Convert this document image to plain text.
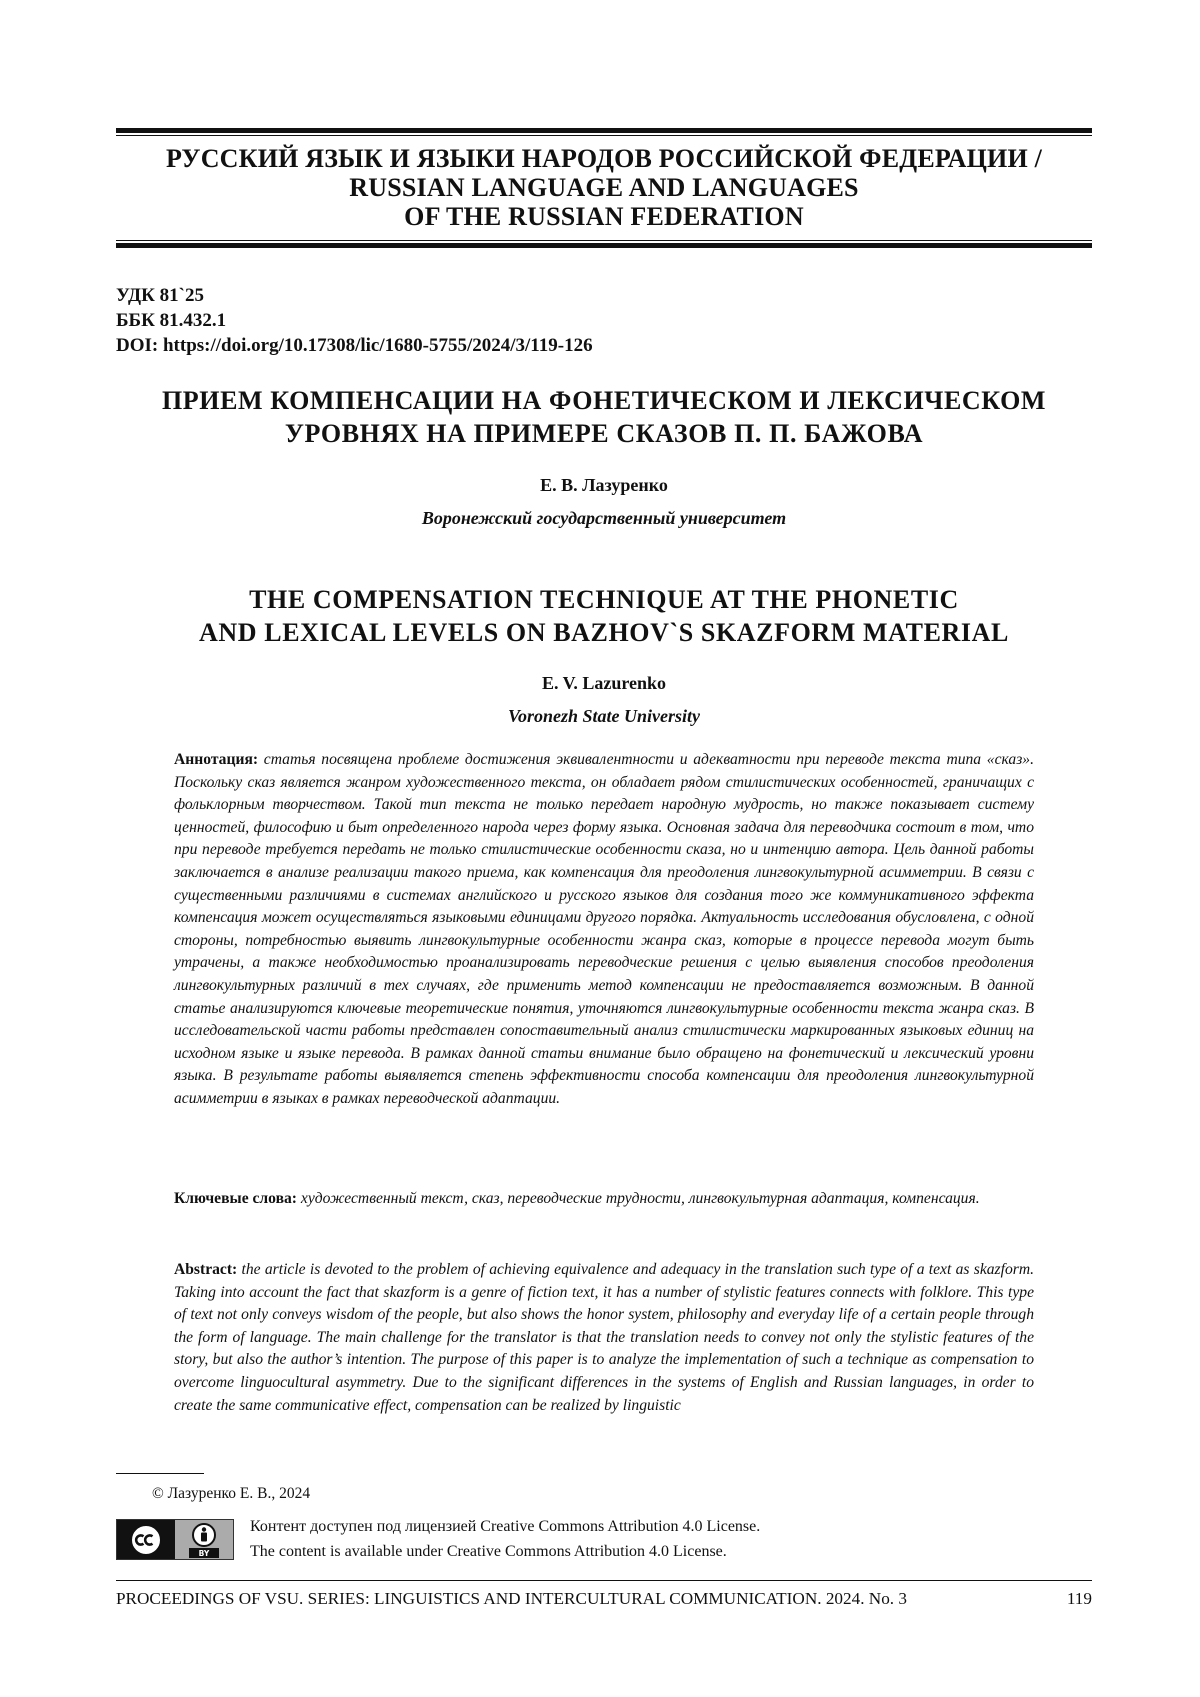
РУССКИЙ ЯЗЫК И ЯЗЫКИ НАРОДОВ РОССИЙСКОЙ ФЕДЕРАЦИИ /
RUSSIAN LANGUAGE AND LANGUAGES
OF THE RUSSIAN FEDERATION
УДК 81`25
ББК 81.432.1
DOI: https://doi.org/10.17308/lic/1680-5755/2024/3/119-126
ПРИЕМ КОМПЕНСАЦИИ НА ФОНЕТИЧЕСКОМ И ЛЕКСИЧЕСКОМ
УРОВНЯХ НА ПРИМЕРЕ СКАЗОВ П. П. БАЖОВА
Е. В. Лазуренко
Воронежский государственный университет
THE COMPENSATION TECHNIQUE AT THE PHONETIC
AND LEXICAL LEVELS ON BAZHOV`S SKAZFORM MATERIAL
E. V. Lazurenko
Voronezh State University
Аннотация: статья посвящена проблеме достижения эквивалентности и адекватности при переводе текста типа «сказ». Поскольку сказ является жанром художественного текста, он обладает рядом стилистических особенностей, граничащих с фольклорным творчеством. Такой тип текста не только передает народную мудрость, но также показывает систему ценностей, философию и быт определенного народа через форму языка. Основная задача для переводчика состоит в том, что при переводе требуется передать не только стилистические особенности сказа, но и интенцию автора. Цель данной работы заключается в анализе реализации такого приема, как компенсация для преодоления лингвокультурной асимметрии. В связи с существенными различиями в системах английского и русского языков для создания того же коммуникативного эффекта компенсация может осуществляться языковыми единицами другого порядка. Актуальность исследования обусловлена, с одной стороны, потребностью выявить лингвокультурные особенности жанра сказ, которые в процессе перевода могут быть утрачены, а также необходимостью проанализировать переводческие решения с целью выявления способов преодоления лингвокультурных различий в тех случаях, где применить метод компенсации не предоставляется возможным. В данной статье анализируются ключевые теоретические понятия, уточняются лингвокультурные особенности текста жанра сказ. В исследовательской части работы представлен сопоставительный анализ стилистически маркированных языковых единиц на исходном языке и языке перевода. В рамках данной статьи внимание было обращено на фонетический и лексический уровни языка. В результате работы выявляется степень эффективности способа компенсации для преодоления лингвокультурной асимметрии в языках в рамках переводческой адаптации.
Ключевые слова: художественный текст, сказ, переводческие трудности, лингвокультурная адаптация, компенсация.
Abstract: the article is devoted to the problem of achieving equivalence and adequacy in the translation such type of a text as skazform. Taking into account the fact that skazform is a genre of fiction text, it has a number of stylistic features connects with folklore. This type of text not only conveys wisdom of the people, but also shows the honor system, philosophy and everyday life of a certain people through the form of language. The main challenge for the translator is that the translation needs to convey not only the stylistic features of the story, but also the author’s intention. The purpose of this paper is to analyze the implementation of such a technique as compensation to overcome linguocultural asymmetry. Due to the significant differences in the systems of English and Russian languages, in order to create the same communicative effect, compensation can be realized by linguistic
© Лазуренко Е. В., 2024
BY
Контент доступен под лицензией Creative Commons Attribution 4.0 License.
The content is available under Creative Commons Attribution 4.0 License.
PROCEEDINGS OF VSU. SERIES: LINGUISTICS AND INTERCULTURAL COMMUNICATION. 2024. No. 3	119
